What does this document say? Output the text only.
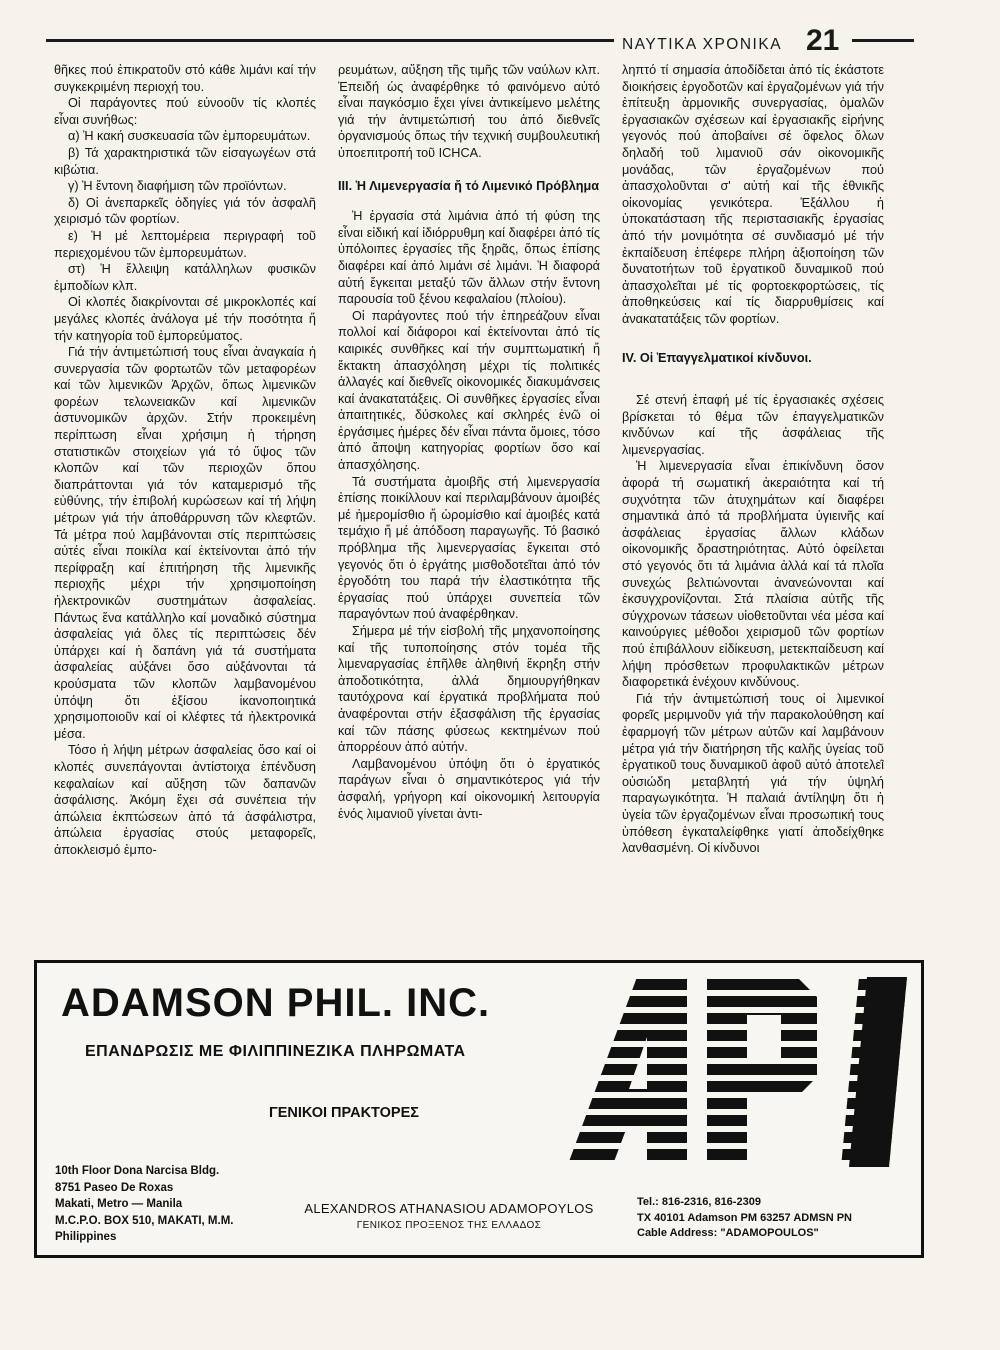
ΝΑΥΤΙΚΑ ΧΡΟΝΙΚΑ 21

θῆκες πού ἐπικρατοῦν στό κάθε λιμάνι καί τήν συγκεκριμένη περιοχή του.

Οἱ παράγοντες πού εὐνοοῦν τίς κλοπές εἶναι συνήθως:

α) Ἡ κακή συσκευασία τῶν ἐμπορευμάτων.

β) Τά χαρακτηριστικά τῶν εἰσαγωγέων στά κιβώτια.

γ) Ἡ ἔντονη διαφήμιση τῶν προϊόντων.

δ) Οἱ ἀνεπαρκεῖς ὁδηγίες γιά τόν ἀσφαλῆ χειρισμό τῶν φορτίων.

ε) Ἡ μέ λεπτομέρεια περιγραφή τοῦ περιεχομένου τῶν ἐμπορευμάτων.

στ) Ἡ ἔλλειψη κατάλληλων φυσικῶν ἐμποδίων κλπ.

Οἱ κλοπές διακρίνονται σέ μικροκλοπές καί μεγάλες κλοπές ἀνάλογα μέ τήν ποσότητα ἤ τήν κατηγορία τοῦ ἐμπορεύματος.

Γιά τήν ἀντιμετώπισή τους εἶναι ἀναγκαία ἡ συνεργασία τῶν φορτωτῶν τῶν μεταφορέων καί τῶν λιμενικῶν Ἀρχῶν, ὅπως λιμενικῶν φορέων τελωνειακῶν καί λιμενικῶν ἀστυνομικῶν ἀρχῶν. Στήν προκειμένη περίπτωση εἶναι χρήσιμη ἡ τήρηση στατιστικῶν στοιχείων γιά τό ὕψος τῶν κλοπῶν καί τῶν περιοχῶν ὅπου διαπράττονται γιά τόν καταμερισμό τῆς εὐθύνης, τήν ἐπιβολή κυρώσεων καί τή λήψη μέτρων γιά τήν ἀποθάρρυνση τῶν κλεφτῶν. Τά μέτρα πού λαμβάνονται στίς περιπτώσεις αὐτές εἶναι ποικίλα καί ἐκτείνονται ἀπό τήν περίφραξη καί ἐπιτήρηση τῆς λιμενικῆς περιοχῆς μέχρι τήν χρησιμοποίηση ἠλεκτρονικῶν συστημάτων ἀσφαλείας. Πάντως ἕνα κατάλληλο καί μοναδικό σύστημα ἀσφαλείας γιά ὅλες τίς περιπτώσεις δέν ὑπάρχει καί ἡ δαπάνη γιά τά συστήματα ἀσφαλείας αὐξάνει ὅσο αὐξάνονται τά κρούσματα τῶν κλοπῶν λαμβανομένου ὑπόψη ὅτι ἐξίσου ἱκανοποιητικά χρησιμοποιοῦν καί οἱ κλέφτες τά ἠλεκτρονικά μέσα.

Τόσο ἡ λήψη μέτρων ἀσφαλείας ὅσο καί οἱ κλοπές συνεπάγονται ἀντίστοιχα ἐπένδυση κεφαλαίων καί αὔξηση τῶν δαπανῶν ἀσφάλισης. Ἀκόμη ἔχει σά συνέπεια τήν ἀπώλεια ἐκπτώσεων ἀπό τά ἀσφάλιστρα, ἀπώλεια ἐργασίας στούς μεταφορεῖς, ἀποκλεισμό ἐμπο-

ρευμάτων, αὔξηση τῆς τιμῆς τῶν ναύλων κλπ. Ἐπειδή ὡς ἀναφέρθηκε τό φαινόμενο αὐτό εἶναι παγκόσμιο ἔχει γίνει ἀντικείμενο μελέτης γιά τήν ἀντιμετώπισή του ἀπό διεθνεῖς ὀργανισμούς ὅπως τήν τεχνική συμβουλευτική ὑποεπιτροπή τοῦ ICHCA.

ΙΙΙ. Ἡ Λιμενεργασία ἤ τό Λιμενικό Πρόβλημα

Ἡ ἐργασία στά λιμάνια ἀπό τή φύση της εἶναι εἰδική καί ἰδιόρρυθμη καί διαφέρει ἀπό τίς ὑπόλοιπες ἐργασίες τῆς ξηρᾶς, ὅπως ἐπίσης διαφέρει καί ἀπό λιμάνι σέ λιμάνι. Ἡ διαφορά αὐτή ἔγκειται μεταξύ τῶν ἄλλων στήν ἔντονη παρουσία τοῦ ξένου κεφαλαίου (πλοίου).

Οἱ παράγοντες πού τήν ἐπηρεάζουν εἶναι πολλοί καί διάφοροι καί ἐκτείνονται ἀπό τίς καιρικές συνθῆκες καί τήν συμπτωματική ἤ ἔκτακτη ἀπασχόληση μέχρι τίς πολιτικές ἀλλαγές καί διεθνεῖς οἰκονομικές διακυμάνσεις καί ἀνακατατάξεις. Οἱ συνθῆκες ἐργασίες εἶναι ἀπαιτητικές, δύσκολες καί σκληρές ἐνῶ οἱ ἐργάσιμες ἡμέρες δέν εἶναι πάντα ὅμοιες, τόσο ἀπό ἄποψη κατηγορίας φορτίων ὅσο καί ἀπασχόλησης.

Τά συστήματα ἀμοιβῆς στή λιμενεργασία ἐπίσης ποικίλλουν καί περιλαμβάνουν ἀμοιβές μέ ἡμερομίσθιο ἤ ὡρομίσθιο καί ἀμοιβές κατά τεμάχιο ἤ μέ ἀπόδοση παραγωγῆς. Τό βασικό πρόβλημα τῆς λιμενεργασίας ἔγκειται στό γεγονός ὅτι ὁ ἐργάτης μισθοδοτεῖται ἀπό τόν ἐργοδότη του παρά τήν ἐλαστικότητα τῆς ἐργασίας πού ὑπάρχει συνεπεία τῶν παραγόντων πού ἀναφέρθηκαν.

Σήμερα μέ τήν εἰσβολή τῆς μηχανοποίησης καί τῆς τυποποίησης στόν τομέα τῆς λιμεναργασίας ἐπῆλθε ἀληθινή ἔκρηξη στήν ἀποδοτικότητα, ἀλλά δημιουργήθηκαν ταυτόχρονα καί ἐργατικά προβλήματα πού ἀναφέρονται στήν ἐξασφάλιση τῆς ἐργασίας καί τῶν πάσης φύσεως κεκτημένων πού ἀπορρέουν ἀπό αὐτήν.

Λαμβανομένου ὑπόψη ὅτι ὁ ἐργατικός παράγων εἶναι ὁ σημαντικότερος γιά τήν ἀσφαλή, γρήγορη καί οἰκονομική λειτουργία ἑνός λιμανιοῦ γίνεται ἀντι-

ληπτό τί σημασία ἀποδίδεται ἀπό τίς ἑκάστοτε διοικήσεις ἐργοδοτῶν καί ἐργαζομένων γιά τήν ἐπίτευξη ἁρμονικῆς συνεργασίας, ὁμαλῶν ἐργασιακῶν σχέσεων καί ἐργασιακῆς εἰρήνης γεγονός πού ἀποβαίνει σέ ὄφελος ὅλων δηλαδή τοῦ λιμανιοῦ σάν οἰκονομικῆς μονάδας, τῶν ἐργαζομένων πού ἀπασχολοῦνται σ' αὐτή καί τῆς ἐθνικῆς οἰκονομίας γενικότερα. Ἐξάλλου ἡ ὑποκατάσταση τῆς περιστασιακῆς ἐργασίας ἀπό τήν μονιμότητα σέ συνδιασμό μέ τήν ἐκπαίδευση ἐπέφερε πλήρη ἀξιοποίηση τῶν δυνατοτήτων τοῦ ἐργατικοῦ δυναμικοῦ πού ἀπασχολεῖται μέ τίς φορτοεκφορτώσεις, τίς ἀποθηκεύσεις καί τίς διαρρυθμίσεις καί ἀνακατατάξεις τῶν φορτίων.

IV. Οἱ Ἐπαγγελματικοί κίνδυνοι.

Σέ στενή ἐπαφή μέ τίς ἐργασιακές σχέσεις βρίσκεται τό θέμα τῶν ἐπαγγελματικῶν κινδύνων καί τῆς ἀσφάλειας τῆς λιμενεργασίας.

Ἡ λιμενεργασία εἶναι ἐπικίνδυνη ὅσον ἀφορά τή σωματική ἀκεραιότητα καί τή συχνότητα τῶν ἀτυχημάτων καί διαφέρει σημαντικά ἀπό τά προβλήματα ὑγιεινῆς καί ἀσφάλειας ἐργασίας ἄλλων κλάδων οἰκονομικῆς δραστηριότητας. Αὐτό ὀφείλεται στό γεγονός ὅτι τά λιμάνια ἀλλά καί τά πλοῖα συνεχώς βελτιώνονται ἀνανεώνονται καί ἐκσυγχρονίζονται. Στά πλαίσια αὐτῆς τῆς σύγχρονων τάσεων υἱοθετοῦνται νέα μέσα καί καινούργιες μέθοδοι χειρισμοῦ τῶν φορτίων πού ἐπιβάλλουν εἰδίκευση, μετεκπαίδευση καί λήψη πρόσθετων προφυλακτικῶν μέτρων διαφορετικά ἐνέχουν κινδύνους.

Γιά τήν ἀντιμετώπισή τους οἱ λιμενικοί φορεῖς μεριμνοῦν γιά τήν παρακολούθηση καί ἐφαρμογή τῶν μέτρων αὐτῶν καί λαμβάνουν μέτρα γιά τήν διατήρηση τῆς καλῆς ὑγείας τοῦ ἐργατικοῦ τους δυναμικοῦ ἀφοῦ αὐτό ἀποτελεῖ οὐσιώδη μεταβλητή γιά τήν ὑψηλή παραγωγικότητα. Ἡ παλαιά ἀντίληψη ὅτι ἡ ὑγεία τῶν ἐργαζομένων εἶναι προσωπική τους ὑπόθεση ἐγκαταλείφθηκε γιατί ἀποδείχθηκε λανθασμένη. Οἱ κίνδυνοι

ADAMSON PHIL. INC.
ΕΠΑΝΔΡΩΣΙΣ ΜΕ ΦΙΛΙΠΠΙΝΕΖΙΚΑ ΠΛΗΡΩΜΑΤΑ
ΓΕΝΙΚΟΙ ΠΡΑΚΤΟΡΕΣ
10th Floor Dona Narcisa Bldg.
8751 Paseo De Roxas
Makati, Metro — Manila
M.C.P.O. BOX 510, MAKATI, M.M.
Philippines
ALEXANDROS ATHANASIOU ADAMOPOYLOS
ΓΕΝΙΚΟΣ ΠΡΟΞΕΝΟΣ ΤΗΣ ΕΛΛΑΔΟΣ
Tel.: 816-2316, 816-2309
TX 40101 Adamson PM 63257 ADMSN PN
Cable Address: "ADAMOPOULOS"
